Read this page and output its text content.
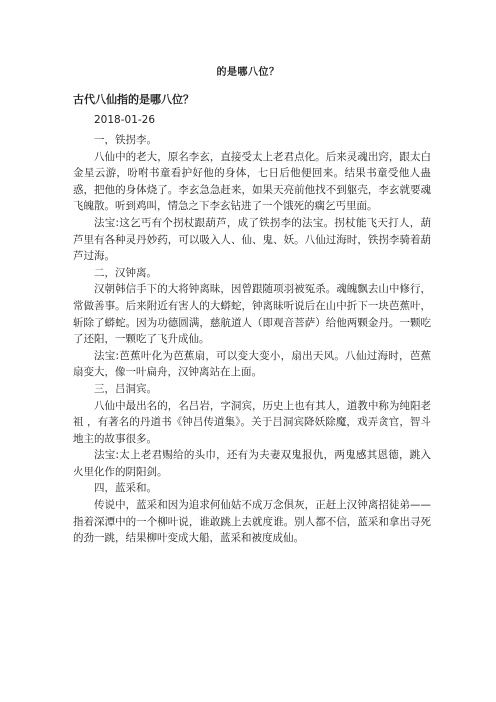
的是哪八位？
古代八仙指的是哪八位？
2018-01-26

一，铁拐李。

八仙中的老大，原名李玄，直接受太上老君点化。后来灵魂出窍，跟太白金星云游，吩咐书童看护好他的身体，七日后他便回来。结果书童受他人蛊惑，把他的身体烧了。李玄急急赶来，如果天亮前他找不到躯壳，李玄就要魂飞魄散。听到鸡叫，情急之下李玄钻进了一个饿死的瘸乞丐里面。

法宝:这乞丐有个拐杖跟葫芦，成了铁拐李的法宝。拐杖能飞天打人，葫芦里有各种灵丹妙药，可以吸入人、仙、鬼、妖。八仙过海时，铁拐李骑着葫芦过海。

二，汉钟离。

汉朝韩信手下的大将钟离昧，因曾跟随项羽被冤杀。魂魄飘去山中修行，常做善事。后来附近有害人的大蟒蛇，钟离昧听说后在山中折下一块芭蕉叶，斩除了蟒蛇。因为功德圆满，慈航道人（即观音菩萨）给他两颗金丹。一颗吃了还阳，一颗吃了飞升成仙。

法宝:芭蕉叶化为芭蕉扇，可以变大变小，扇出天风。八仙过海时，芭蕉扇变大，像一叶扁舟，汉钟离站在上面。

三，吕洞宾。

八仙中最出名的，名吕岩，字洞宾，历史上也有其人，道教中称为纯阳老祖 ，有著名的丹道书《钟吕传道集》。关于吕洞宾降妖除魔，戏弄贪官，智斗地主的故事很多。

法宝:太上老君赐给的头巾，还有为夫妻双鬼报仇，两鬼感其恩德，跳入火里化作的阴阳剑。

四，蓝采和。

传说中，蓝采和因为追求何仙姑不成万念俱灰，正赶上汉钟离招徒弟——指着深潭中的一个柳叶说，谁敢跳上去就度谁。别人都不信，蓝采和拿出寻死的劲一跳，结果柳叶变成大船，蓝采和被度成仙。
